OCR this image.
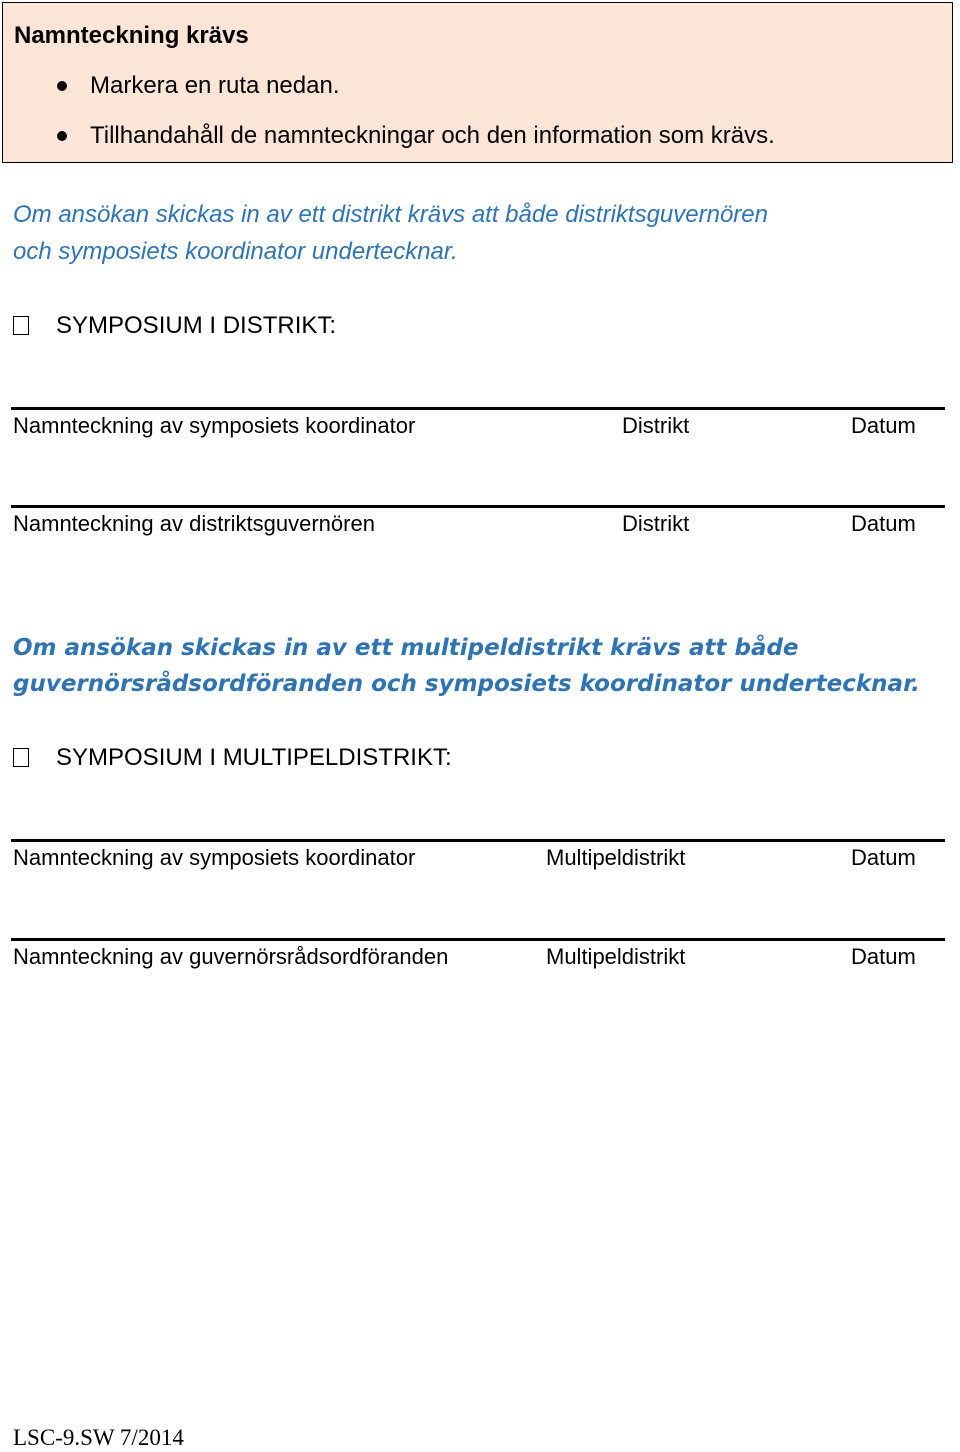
Namnteckning krävs
Markera en ruta nedan.
Tillhandahåll de namnteckningar och den information som krävs.

Om ansökan skickas in av ett distrikt krävs att både distriktsguvernören
och symposiets koordinator undertecknar.

SYMPOSIUM I DISTRIKT:
Namnteckning av symposiets koordinator	Distrikt	Datum
Namnteckning av distriktsguvernören	Distrikt	Datum

Om ansökan skickas in av ett multipeldistrikt krävs att både
guvernörsrådsordföranden och symposiets koordinator undertecknar.

SYMPOSIUM I MULTIPELDISTRIKT:
Namnteckning av symposiets koordinator	Multipeldistrikt	Datum
Namnteckning av guvernörsrådsordföranden	Multipeldistrikt	Datum
LSC-9.SW 7/2014
